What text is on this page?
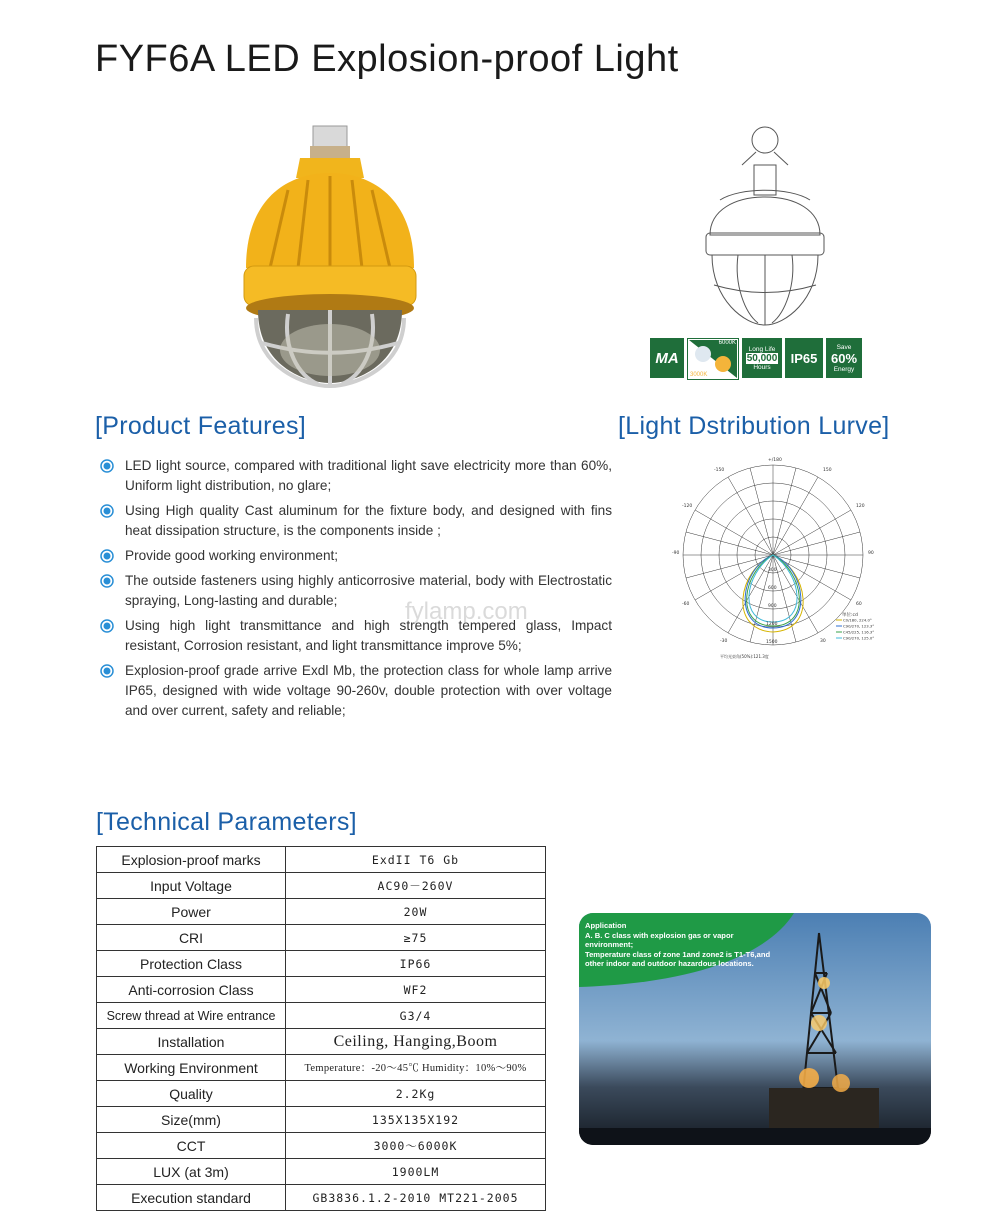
FYF6A LED Explosion-proof Light
MA
6000K
3000K
Long Life
50,000
Hours
IP65
Save
60%
Energy
[Product Features]	[Light Dstribution Lurve]
LED light source, compared with traditional light save electricity more than 60%, Uniform light distribution, no glare;
Using High quality Cast aluminum for the fixture body, and designed with fins heat dissipation structure, is the components inside ;
Provide good working environment;
The outside fasteners using highly anticorrosive material, body with Electrostatic spraying, Long-lasting and durable;
Using high light transmittance and high strength tempered glass, Impact resistant, Corrosion resistant, and light transmittance improve 5%;
Explosion-proof grade arrive Exdl Mb, the protection class for whole lamp arrive IP65, designed with wide voltage 90-260v, double protection with over voltage and over current, safety and reliable;
fylamp.com
+/180
-150	150
-120	120
-90	90
-60	60
-30	30
300
600
900
1200
1500
单位:cd
平均光束角(50%):121.3度
C0/180, 224.0°
C90/270, 123.3°
C45/225, 116.3°
C90/270, 125.0°
[Technical Parameters]
Explosion-proof marks	ExdII T6 Gb
Input Voltage	AC90－260V
Power	20W
CRI	≥75
Protection Class	IP66
Anti-corrosion Class	WF2
Screw thread at Wire entrance	G3/4
Installation	Ceiling, Hanging,Boom
Working Environment	Temperature：-20～45℃ Humidity：10%～90%
Quality	2.2Kg
Size(mm)	135X135X192
CCT	3000～6000K
LUX (at 3m)	1900LM
Execution standard	GB3836.1.2-2010 MT221-2005
Application
A. B. C class with explosion gas or vapor environment;
Temperature class of zone 1and zone2 is T1-T6,and other indoor and outdoor hazardous locations.
